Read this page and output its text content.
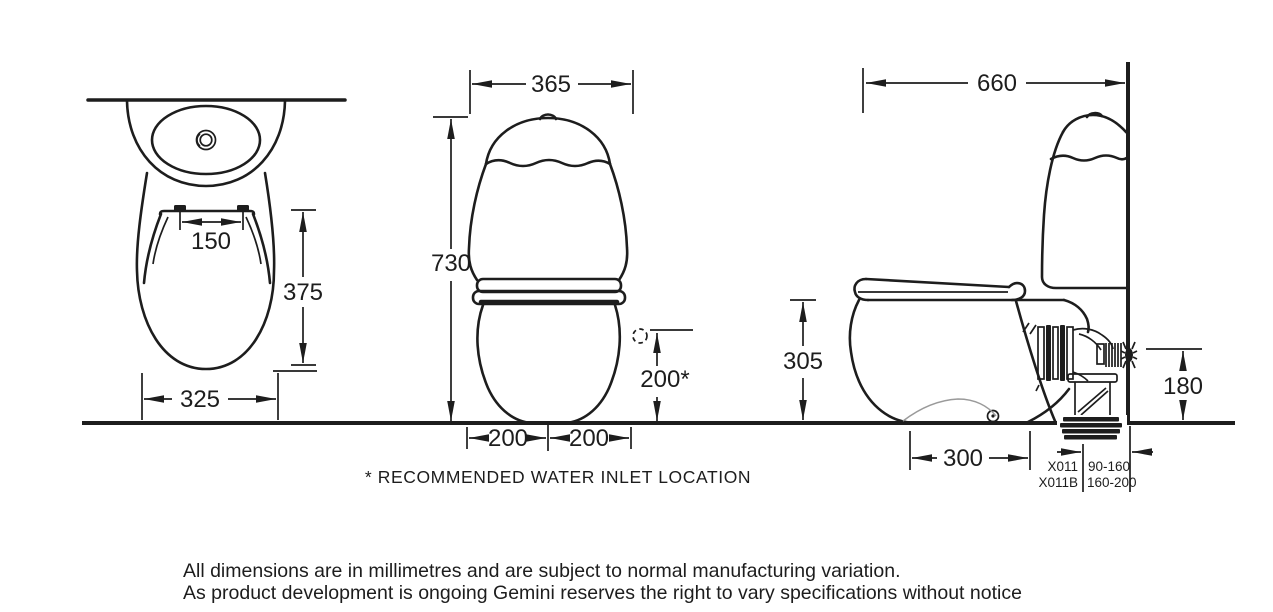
150
375
325
365
730
200*
200 200
660
305
180
300	X011 90-160
X011B 160-200
* RECOMMENDED WATER INLET LOCATION
All dimensions are in millimetres and are subject to normal manufacturing variation.
As product development is ongoing Gemini reserves the right to vary specifications without notice
